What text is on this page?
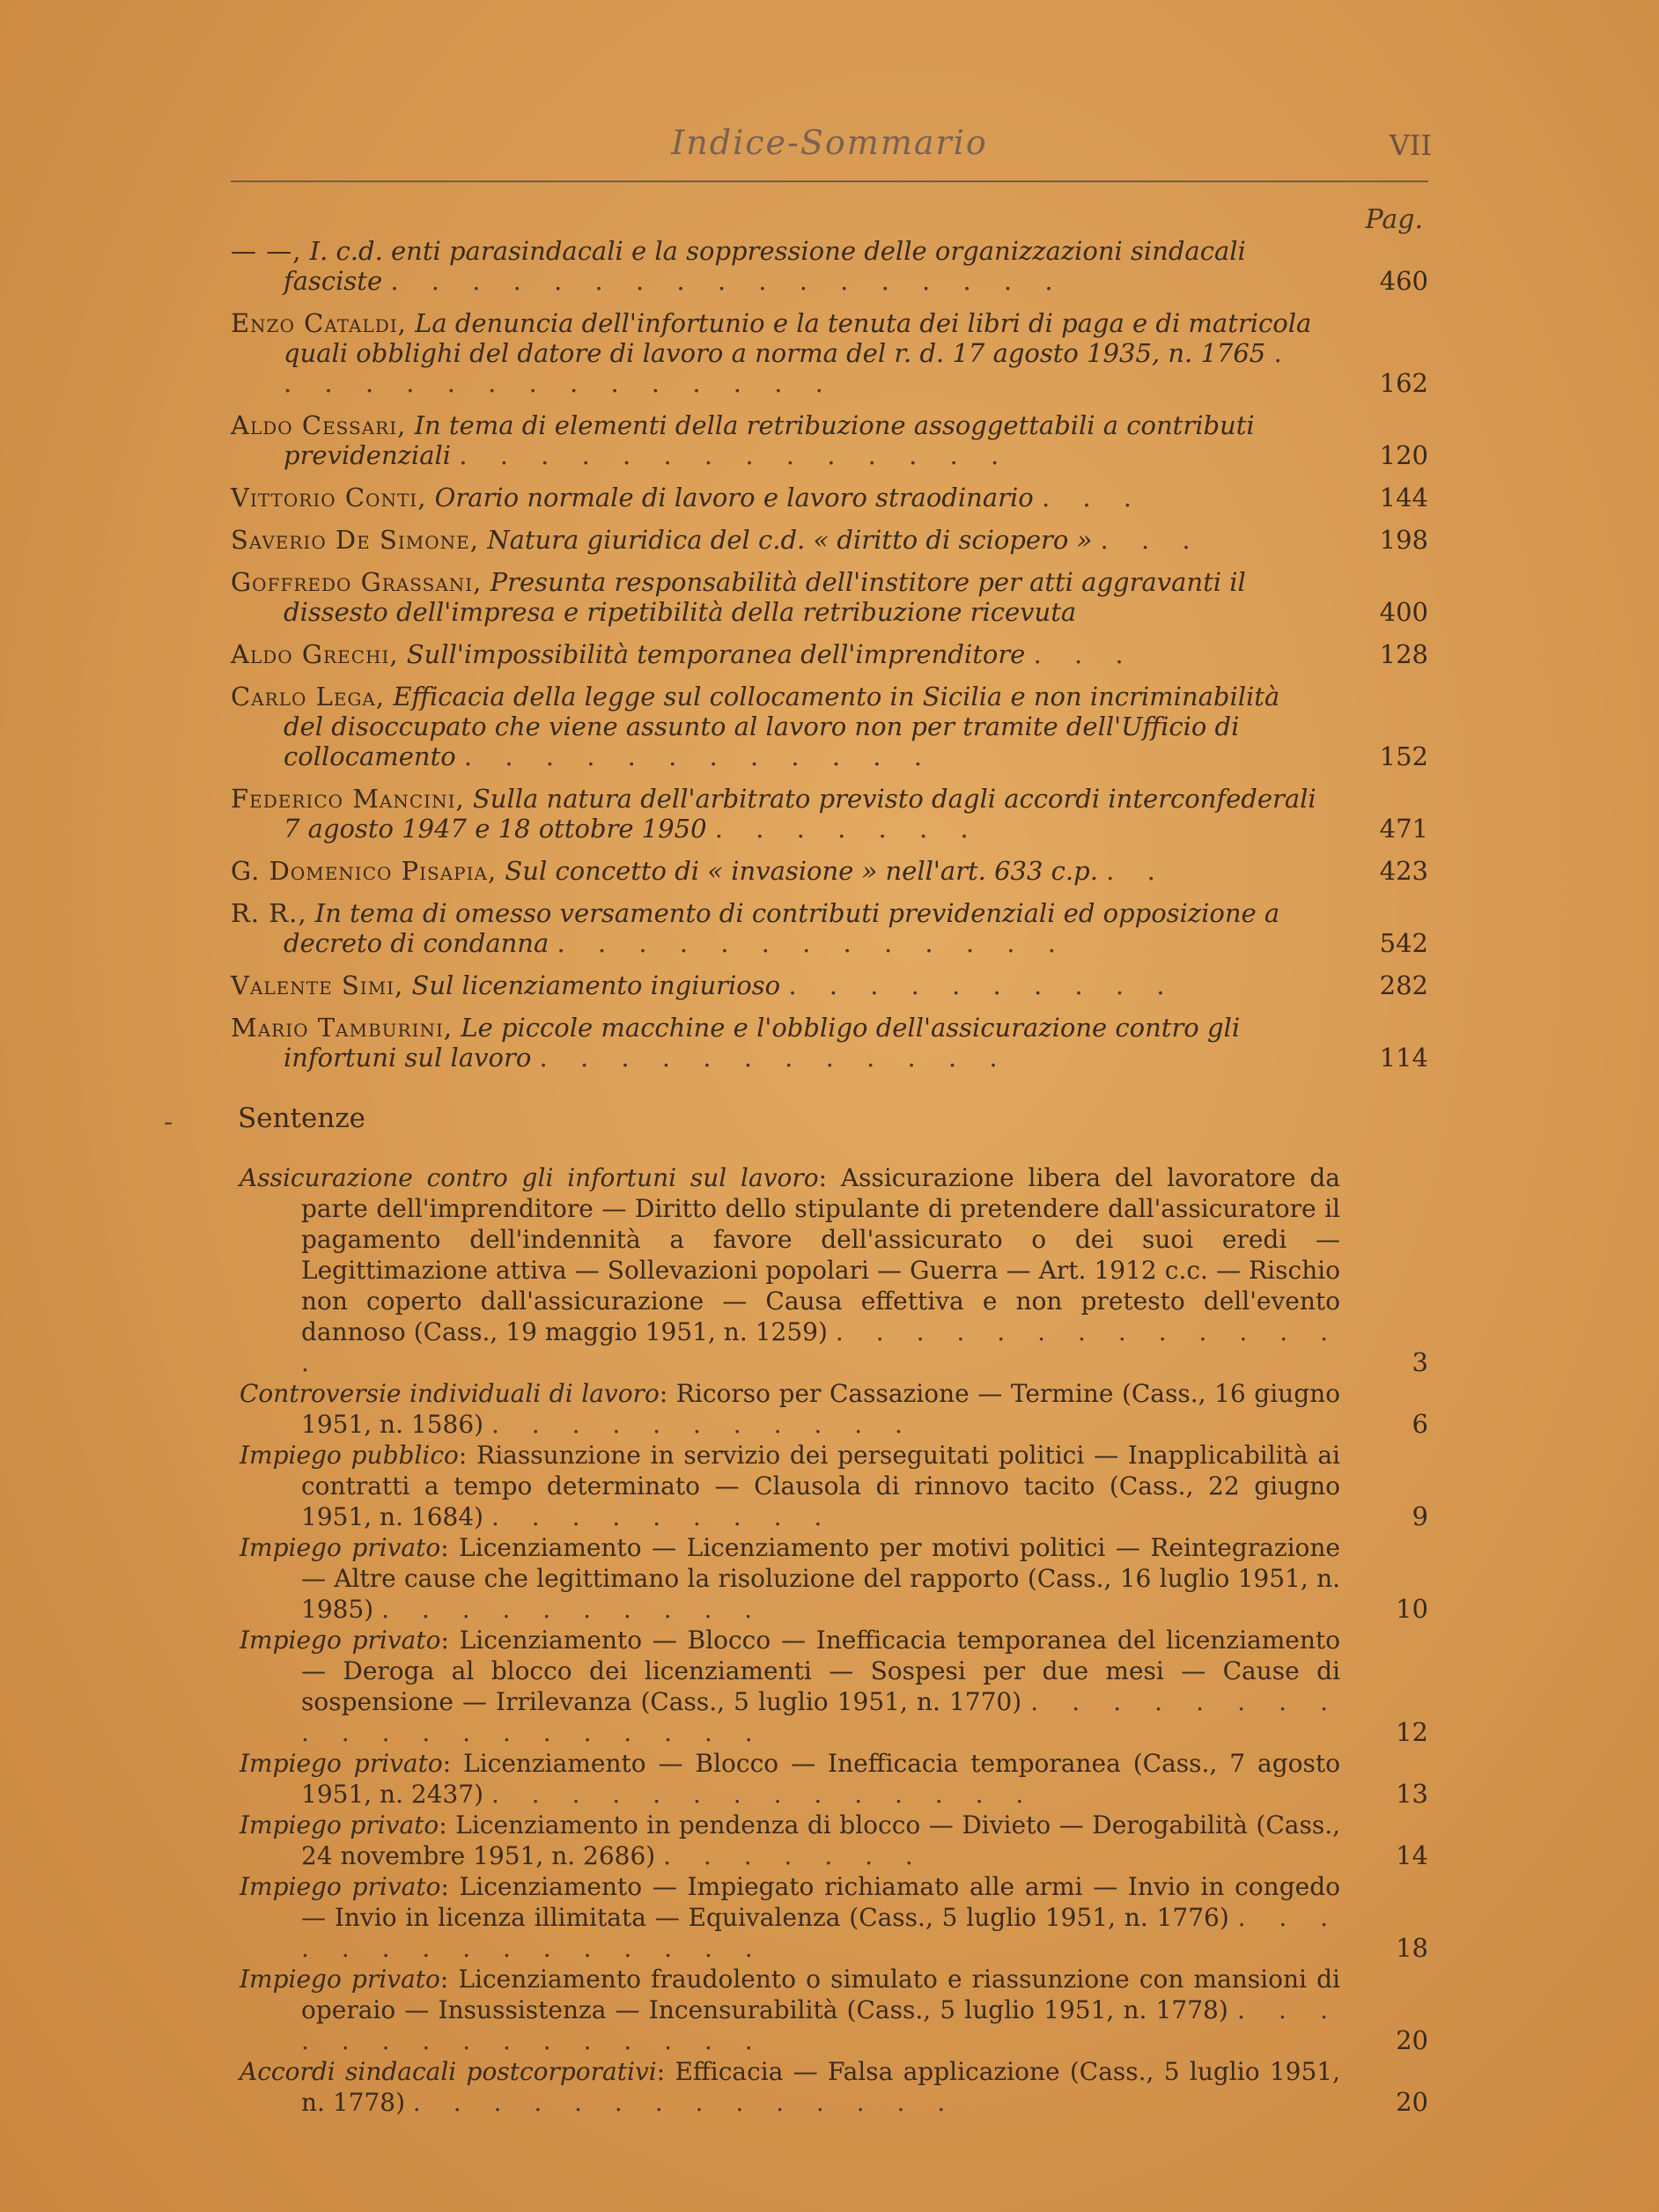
Indice-Sommario	VII
Pag.
— —, I. c.d. enti parasindacali e la soppressione delle organizzazioni sindacali fasciste . . . . . . . . . . . . . . . . .	460
Enzo Cataldi, La denuncia dell'infortunio e la tenuta dei libri di paga e di matricola quali obblighi del datore di lavoro a norma del r. d. 17 agosto 1935, n. 1765 . . . . . . . . . . . . . . .	162
Aldo Cessari, In tema di elementi della retribuzione assoggettabili a contributi previdenziali . . . . . . . . . . . . . .	120
Vittorio Conti, Orario normale di lavoro e lavoro straodinario . . .	144
Saverio De Simone, Natura giuridica del c.d. « diritto di sciopero » . . .	198
Goffredo Grassani, Presunta responsabilità dell'institore per atti aggravanti il dissesto dell'impresa e ripetibilità della retribuzione ricevuta	400
Aldo Grechi, Sull'impossibilità temporanea dell'imprenditore . . .	128
Carlo Lega, Efficacia della legge sul collocamento in Sicilia e non incriminabilità del disoccupato che viene assunto al lavoro non per tramite dell'Ufficio di collocamento . . . . . . . . . . . .	152
Federico Mancini, Sulla natura dell'arbitrato previsto dagli accordi interconfederali 7 agosto 1947 e 18 ottobre 1950 . . . . . . .	471
G. Domenico Pisapia, Sul concetto di « invasione » nell'art. 633 c.p. . .	423
R. R., In tema di omesso versamento di contributi previdenziali ed opposizione a decreto di condanna . . . . . . . . . . . . .	542
Valente Simi, Sul licenziamento ingiurioso . . . . . . . . . .	282
Mario Tamburini, Le piccole macchine e l'obbligo dell'assicurazione contro gli infortuni sul lavoro . . . . . . . . . . . .	114
- Sentenze
Assicurazione contro gli infortuni sul lavoro: Assicurazione libera del lavoratore da parte dell'imprenditore — Diritto dello stipulante di pretendere dall'assicuratore il pagamento dell'indennità a favore dell'assicurato o dei suoi eredi — Legittimazione attiva — Sollevazioni popolari — Guerra — Art. 1912 c.c. — Rischio non coperto dall'assicurazione — Causa effettiva e non pretesto dell'evento dannoso (Cass., 19 maggio 1951, n. 1259) . . . . . . . . . . . . . .	3
Controversie individuali di lavoro: Ricorso per Cassazione — Termine (Cass., 16 giugno 1951, n. 1586) . . . . . . . . . . .	6
Impiego pubblico: Riassunzione in servizio dei perseguitati politici — Inapplicabilità ai contratti a tempo determinato — Clausola di rinnovo tacito (Cass., 22 giugno 1951, n. 1684) . . . . . . . . .	9
Impiego privato: Licenziamento — Licenziamento per motivi politici — Reintegrazione — Altre cause che legittimano la risoluzione del rapporto (Cass., 16 luglio 1951, n. 1985) . . . . . . . . . .	10
Impiego privato: Licenziamento — Blocco — Inefficacia temporanea del licenziamento — Deroga al blocco dei licenziamenti — Sospesi per due mesi — Cause di sospensione — Irrilevanza (Cass., 5 luglio 1951, n. 1770) . . . . . . . . . . . . . . . . . . . .	12
Impiego privato: Licenziamento — Blocco — Inefficacia temporanea (Cass., 7 agosto 1951, n. 2437) . . . . . . . . . . . . . .	13
Impiego privato: Licenziamento in pendenza di blocco — Divieto — Derogabilità (Cass., 24 novembre 1951, n. 2686) . . . . . . .	14
Impiego privato: Licenziamento — Impiegato richiamato alle armi — Invio in congedo — Invio in licenza illimitata — Equivalenza (Cass., 5 luglio 1951, n. 1776) . . . . . . . . . . . . . . .	18
Impiego privato: Licenziamento fraudolento o simulato e riassunzione con mansioni di operaio — Insussistenza — Incensurabilità (Cass., 5 luglio 1951, n. 1778) . . . . . . . . . . . . . . .	20
Accordi sindacali postcorporativi: Efficacia — Falsa applicazione (Cass., 5 luglio 1951, n. 1778) . . . . . . . . . . . . . .	20
